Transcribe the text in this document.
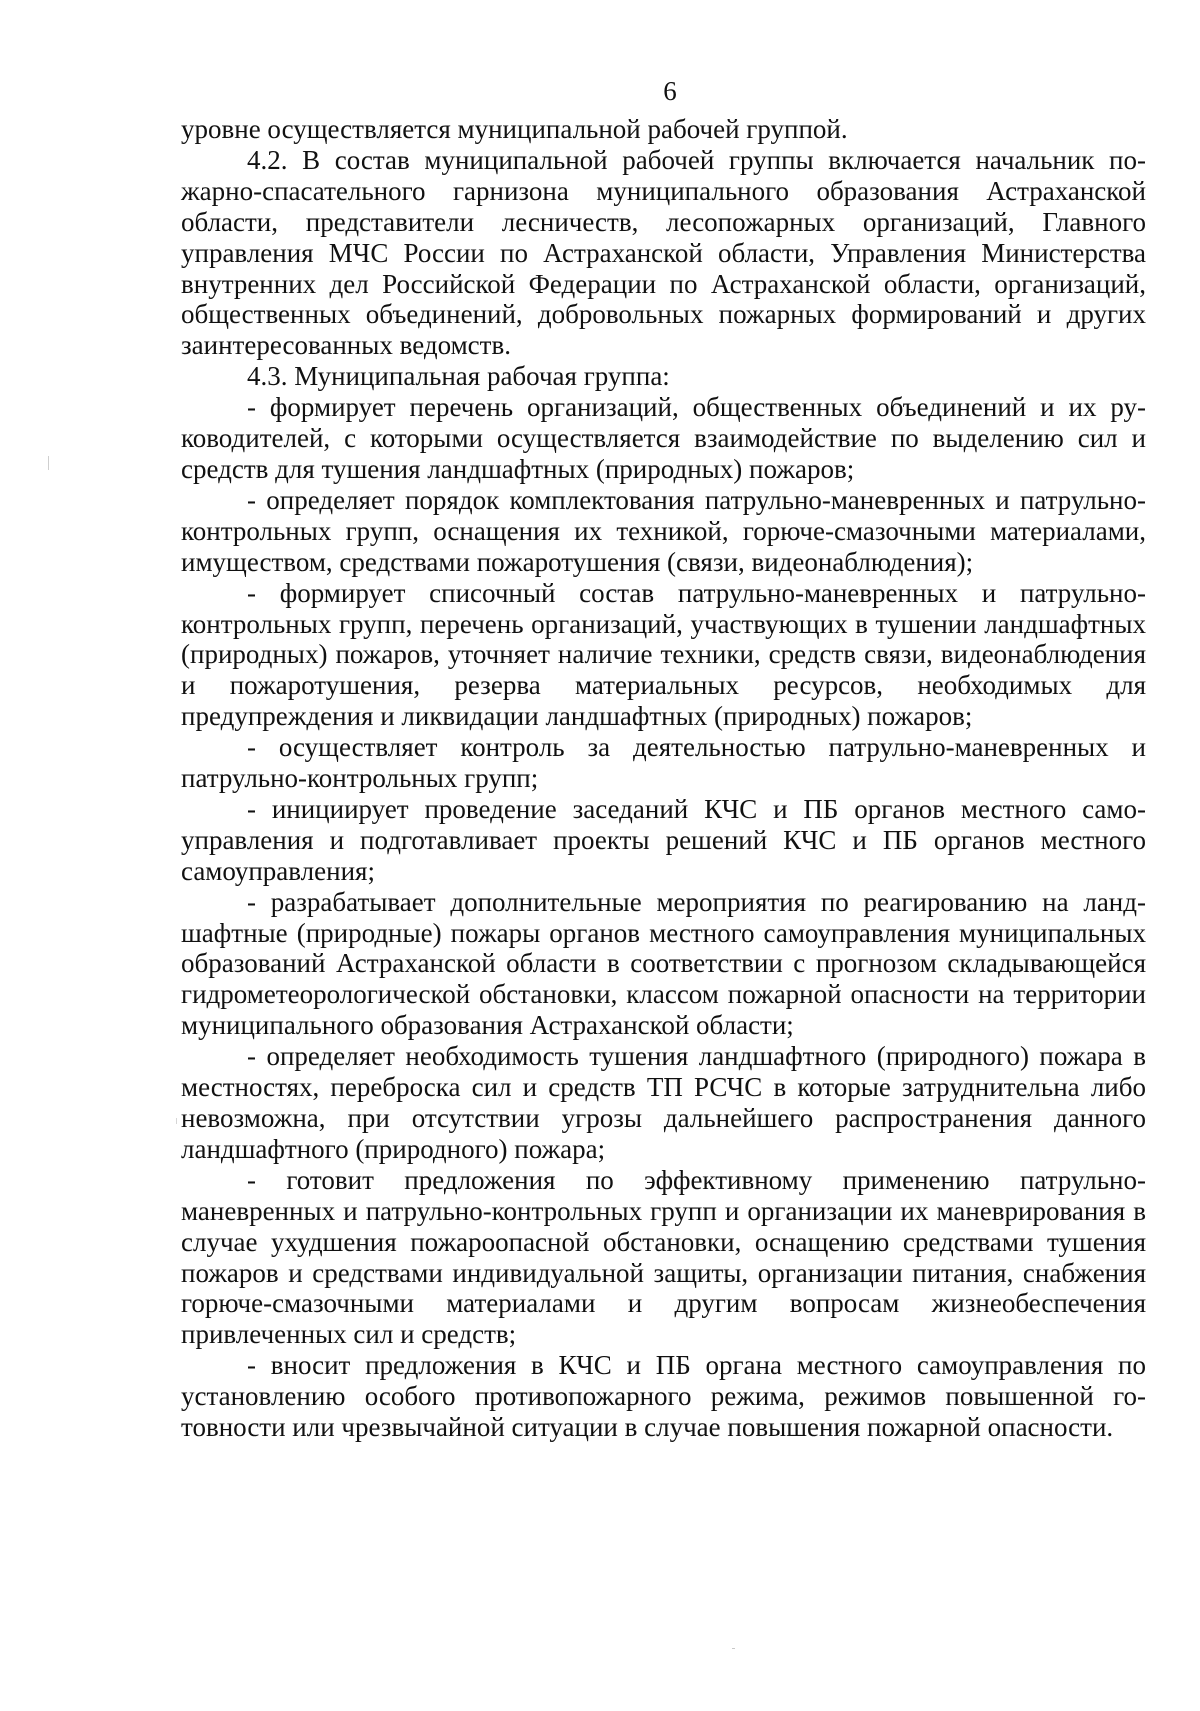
6

уровне осуществляется муниципальной рабочей группой.

4.2. В состав муниципальной рабочей группы включается начальник пожарно-спасательного гарнизона муниципального образования Астраханской области, представители лесничеств, лесопожарных организаций, Главного управления МЧС России по Астраханской области, Управления Министерства внутренних дел Российской Федерации по Астраханской области, организаций, общественных объединений, добровольных пожарных формирований и других заинтересованных ведомств.

4.3. Муниципальная рабочая группа:

- формирует перечень организаций, общественных объединений и их руководителей, с которыми осуществляется взаимодействие по выделению сил и средств для тушения ландшафтных (природных) пожаров;

- определяет порядок комплектования патрульно-маневренных и патрульно-контрольных групп, оснащения их техникой, горюче-смазочными материалами, имуществом, средствами пожаротушения (связи, видеонаблюдения);

- формирует списочный состав патрульно-маневренных и патрульно-контрольных групп, перечень организаций, участвующих в тушении ландшафтных (природных) пожаров, уточняет наличие техники, средств связи, видеонаблюдения и пожаротушения, резерва материальных ресурсов, необходимых для предупреждения и ликвидации ландшафтных (природных) пожаров;

- осуществляет контроль за деятельностью патрульно-маневренных и патрульно-контрольных групп;

- инициирует проведение заседаний КЧС и ПБ органов местного самоуправления и подготавливает проекты решений КЧС и ПБ органов местного самоуправления;

- разрабатывает дополнительные мероприятия по реагированию на ландшафтные (природные) пожары органов местного самоуправления муниципальных образований Астраханской области в соответствии с прогнозом складывающейся гидрометеорологической обстановки, классом пожарной опасности на территории муниципального образования Астраханской области;

- определяет необходимость тушения ландшафтного (природного) пожара в местностях, переброска сил и средств ТП РСЧС в которые затруднительна либо невозможна, при отсутствии угрозы дальнейшего распространения данного ландшафтного (природного) пожара;

- готовит предложения по эффективному применению патрульно-маневренных и патрульно-контрольных групп и организации их маневрирования в случае ухудшения пожароопасной обстановки, оснащению средствами тушения пожаров и средствами индивидуальной защиты, организации питания, снабжения горюче-смазочными материалами и другим вопросам жизнеобеспечения привлеченных сил и средств;

- вносит предложения в КЧС и ПБ органа местного самоуправления по установлению особого противопожарного режима, режимов повышенной готовности или чрезвычайной ситуации в случае повышения пожарной опасности.
